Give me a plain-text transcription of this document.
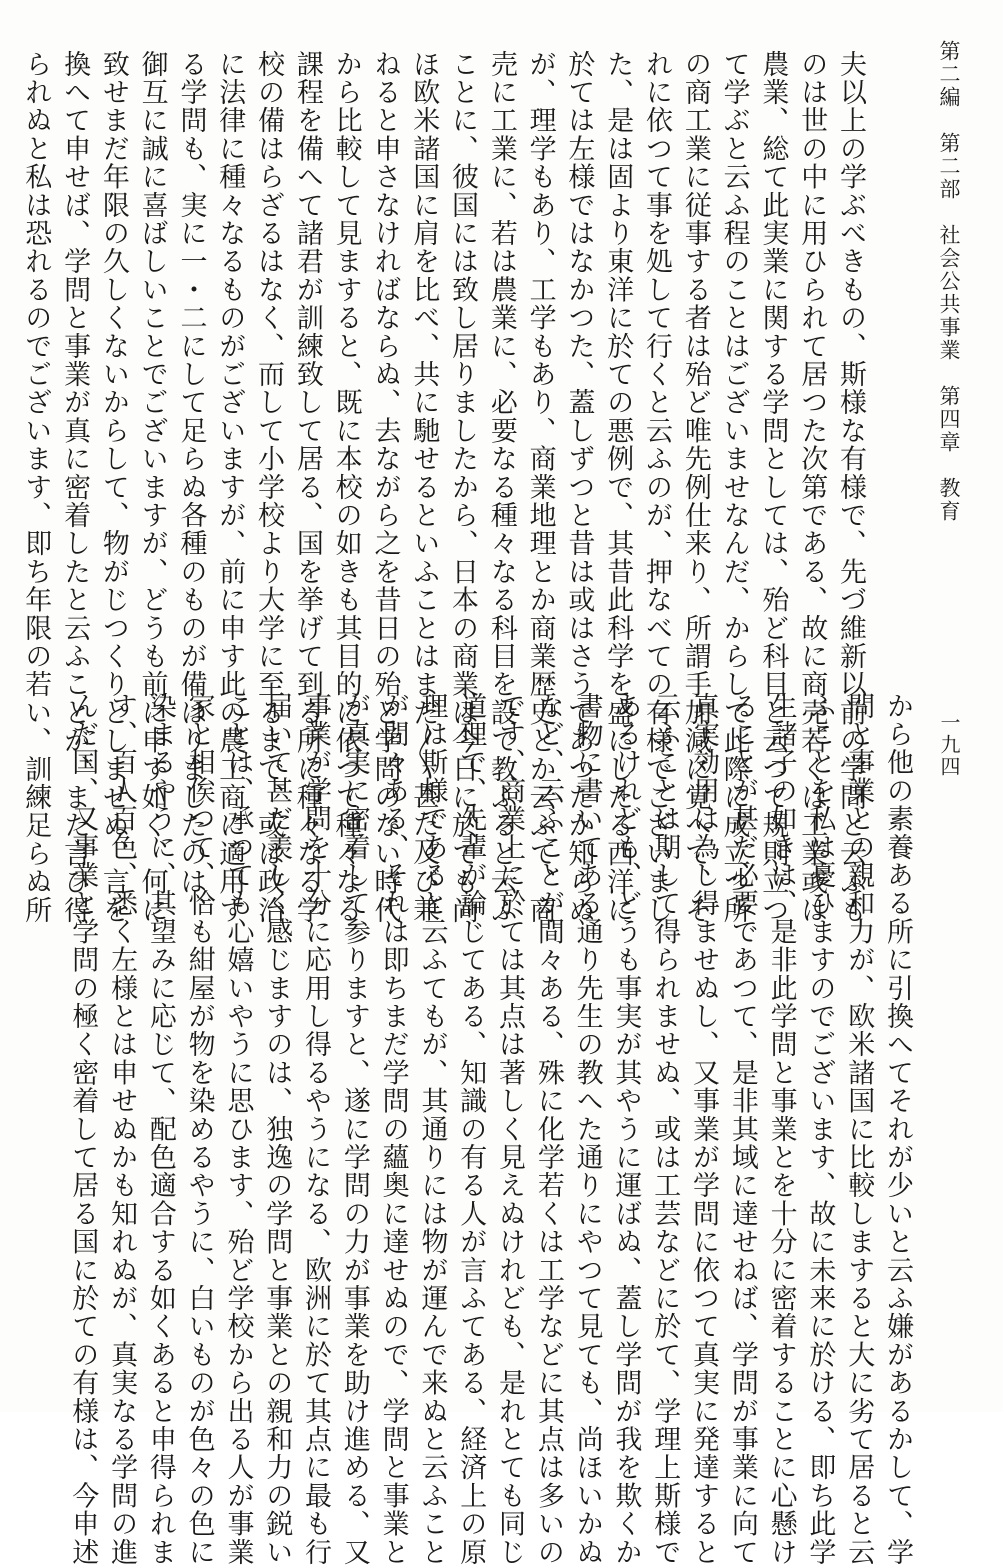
第二編　第二部　社会公共事業　第四章　教育
一九四
夫以上の学ぶべきもの、斯様な有様で、先づ維新以前の学問と云ふも
のは世の中に用ひられて居つた次第である、故に商売若くは工業或は
農業、総て此実業に関する学問としては、殆ど科目と云つて規則立つ
て学ぶと云ふ程のことはございませなんだ、からして此際に成立つ所
の商工業に従事する者は殆ど唯先例仕来り、所謂手加減に覚へて、そ
れに依つて事を処して行くと云ふのが、押なべての有様でございまし
た、是は固より東洋に於ての悪例で、其昔此科学を盛にしたる西洋に
於ては左様ではなかつた、蓋しずつと昔は或はさうであつたか知らぬ
が、理学もあり、工学もあり、商業地理とか商業歴史とか云ふて、商
売に工業に、若は農業に、必要なる種々なる科目を設て教ふると云ふ
ことに、彼国には致し居りましたから、日本の商業は今日に於ても尚
ほ欧米諸国に肩を比べ、共に馳せるといふことはまだ〳〵甚だ及び兼
ねると申さなければならぬ、去ながら之を昔日の殆ど学問のない時代
から比較して見ますると、既に本校の如きも其目的に依つて種々なる
課程を備へて諸君が訓練致して居る、国を挙げて到る所に種々なる学
校の備はらざるはなく、而して小学校より大学に至るまで、或は政治
に法律に種々なるものがございますが、前に申す此の農工商に適用す
る学問も、実に一・二にして足らぬ各種のものが備はりましたのは、
御互に誠に喜ばしいことでございますが、どうも前に申す如く、何に
致せまだ年限の久しくないからして、物がじつくりとしませぬ、言を
換へて申せば、学問と事業が真に密着したと云ふことが、また言ひ得
られぬと私は恐れるのでございます、即ち年限の若い、訓練足らぬ所
から他の素養ある所に引換へてそれが少いと云ふ嫌があるかして、学
問と事業との親和力が、欧米諸国に比較しますると大に劣て居ると云
ふことを私は憂ひますのでございます、故に未来に於ける、即ち此学
生諸子の如きは、是非此学問と事業とを十分に密着することに心懸け
ることが甚だ必要であつて、是非其域に達せねば、学問が事業に向て
真実効用は為し得ませぬし、又事業が学問に依つて真実に発達すると
云ふことは期して得られませぬ、或は工芸などに於て、学理上斯様で
あるけれども、どうも事実が其やうに運ばぬ、蓋し学問が我を欺くか
書物に書いてある通り先生の教へた通りにやつて見ても、尚ほいかぬ
など、云ふことが間々ある、殊に化学若くは工学などに其点は多いの
です、商業上に於ては其点は著しく見えぬけれども、是れとても同じ
道理で、先輩が論じてある、知識の有る人が言ふてある、経済上の原
理は斯様であると云ふてもが、其通りには物が運んで来ぬと云ふこと
が間々ある、それは即ちまだ学問の蘊奥に達せぬので、学問と事業と
が真実に密着して参りますと、遂に学問の力が事業を助け進める、又
事業が学問を十分に応用し得るやうになる、欧洲に於て其点に最も行
届いて甚だ羨しく感じますのは、独逸の学問と事業との親和力の鋭い
ことは、承つても心嬉いやうに思ひます、殆ど学校から出る人が事業
家と相俟つて、恰も紺屋が物を染めるやうに、白いものが色々の色に
染まるやうに、其望みに応じて、配色適合する如くあると申得られま
す、百人百色、悉く左様とは申せぬかも知れぬが、真実なる学問の進
んだ国、又事業と学問の極く密着して居る国に於ての有様は、今申述
